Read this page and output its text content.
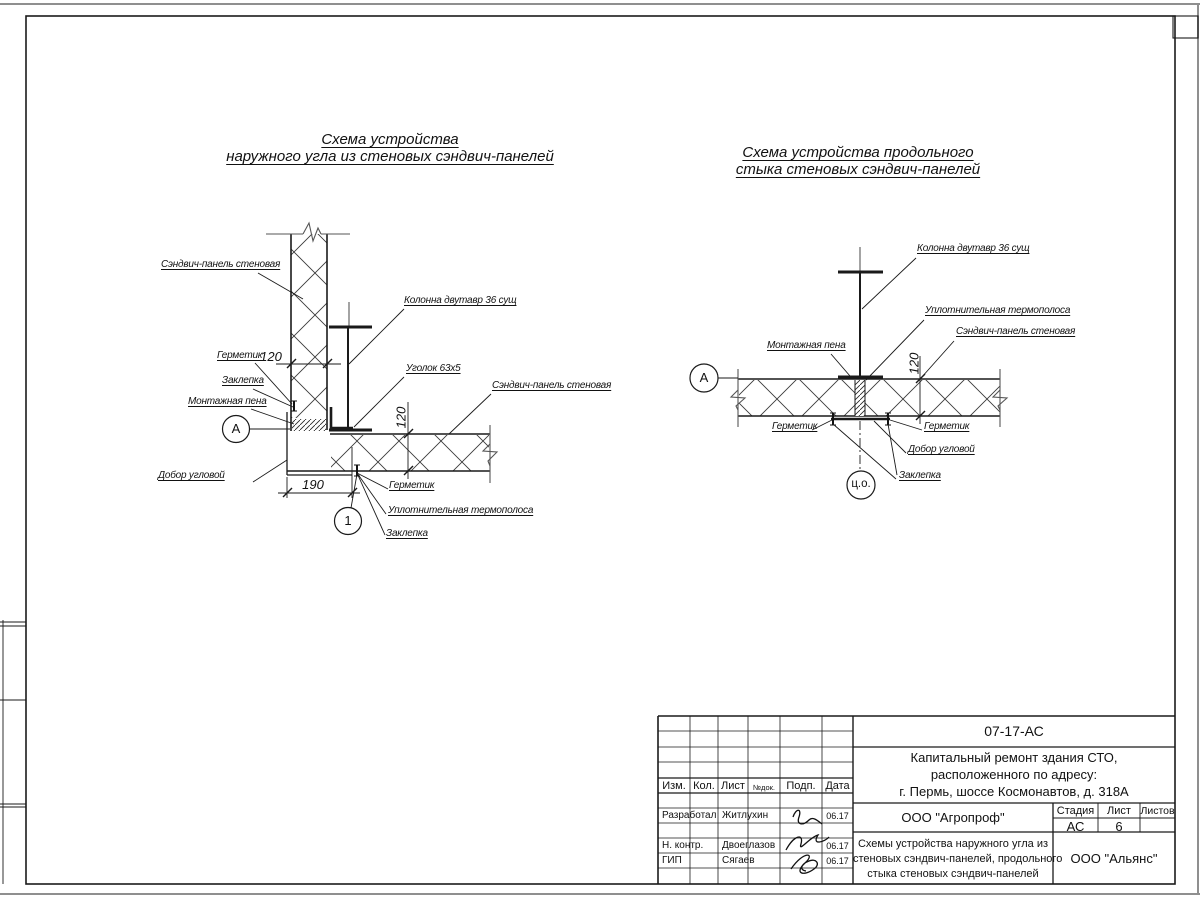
Схема устройства
наружного угла из стеновых сэндвич-панелей	Схема устройства продольного
стыка стеновых сэндвич-панелей
Сэндвич-панель стеновая
Колонна двутавр 36 сущ
Герметик
Заклепка
Монтажная пена
Добор угловой
Уголок 63х5
Сэндвич-панель стеновая
Герметик
Уплотнительная термополоса
Заклепка
120
120
190
А
1
Колонна двутавр 36 сущ
Уплотнительная термополоса
Сэндвич-панель стеновая
Монтажная пена
Герметик	Герметик
Добор угловой
Заклепка
120
А
ц.о.
07-17-АС
Капитальный ремонт здания СТО,
расположенного по адресу:
г. Пермь, шоссе Космонавтов, д. 318А
Изм. Кол. Лист	№док.	Подп. Дата
Разработал Житлухин	06.17
Н. контр. Двоеглазов	06.17
ГИП	Сягаев	06.17
ООО "Агропроф"	Стадия	Лист Листов
АС	6
Схемы устройства наружного угла из
стеновых сэндвич-панелей, продольного
стыка стеновых сэндвич-панелей
ООО "Альянс"
